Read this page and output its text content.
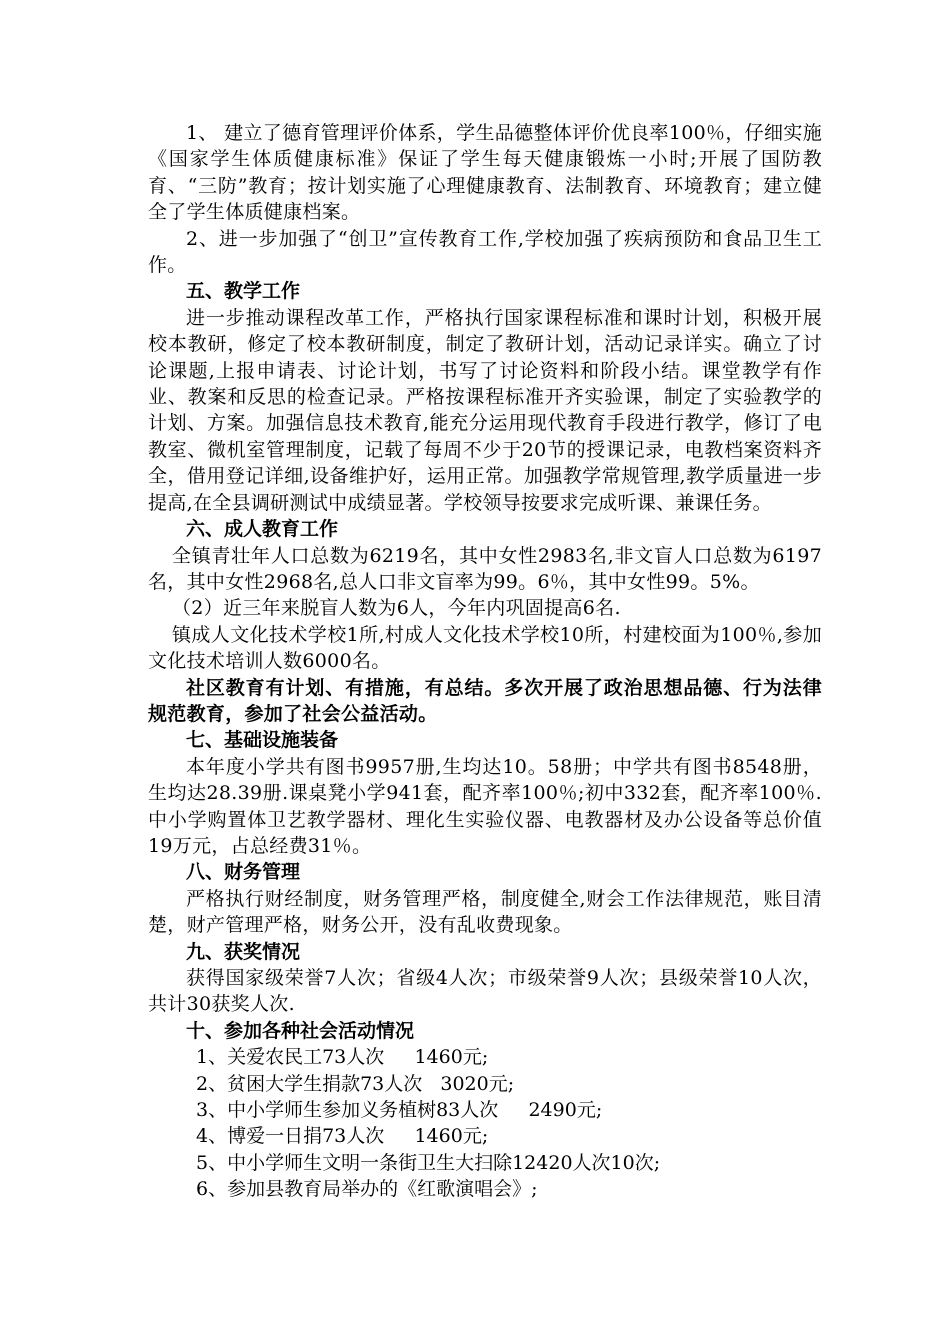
1、 建立了德育管理评价体系，学生品德整体评价优良率100％，仔细实施《国家学生体质健康标准》保证了学生每天健康锻炼一小时;开展了国防教育、“三防”教育；按计划实施了心理健康教育、法制教育、环境教育；建立健全了学生体质健康档案。

2、进一步加强了“创卫”宣传教育工作,学校加强了疾病预防和食品卫生工作。

五、教学工作

进一步推动课程改革工作，严格执行国家课程标准和课时计划，积极开展校本教研，修定了校本教研制度，制定了教研计划，活动记录详实。确立了讨论课题,上报申请表、讨论计划，书写了讨论资料和阶段小结。课堂教学有作业、教案和反思的检查记录。严格按课程标准开齐实验课，制定了实验教学的计划、方案。加强信息技术教育,能充分运用现代教育手段进行教学，修订了电教室、微机室管理制度，记载了每周不少于20节的授课记录，电教档案资料齐全，借用登记详细,设备维护好，运用正常。加强教学常规管理,教学质量进一步提高,在全县调研测试中成绩显著。学校领导按要求完成听课、兼课任务。

六、成人教育工作

全镇青壮年人口总数为6219名，其中女性2983名,非文盲人口总数为6197名，其中女性2968名,总人口非文盲率为99。6％，其中女性99。5%。

（2）近三年来脱盲人数为6人，今年内巩固提高6名.

镇成人文化技术学校1所,村成人文化技术学校10所，村建校面为100％,参加文化技术培训人数6000名。

社区教育有计划、有措施，有总结。多次开展了政治思想品德、行为法律规范教育，参加了社会公益活动。

七、基础设施装备

本年度小学共有图书9957册,生均达10。58册；中学共有图书8548册，生均达28.39册.课桌凳小学941套，配齐率100％;初中332套，配齐率100％.中小学购置体卫艺教学器材、理化生实验仪器、电教器材及办公设备等总价值19万元，占总经费31％。

八、财务管理

严格执行财经制度，财务管理严格，制度健全,财会工作法律规范，账目清楚，财产管理严格，财务公开，没有乱收费现象。

九、获奖情况

获得国家级荣誉7人次；省级4人次；市级荣誉9人次；县级荣誉10人次，共计30获奖人次.

十、参加各种社会活动情况

1、关爱农民工73人次     1460元;

2、贫困大学生捐款73人次   3020元;

3、中小学师生参加义务植树83人次     2490元;

4、博爱一日捐73人次     1460元;

5、中小学师生文明一条街卫生大扫除12420人次10次;

6、参加县教育局举办的《红歌演唱会》;
